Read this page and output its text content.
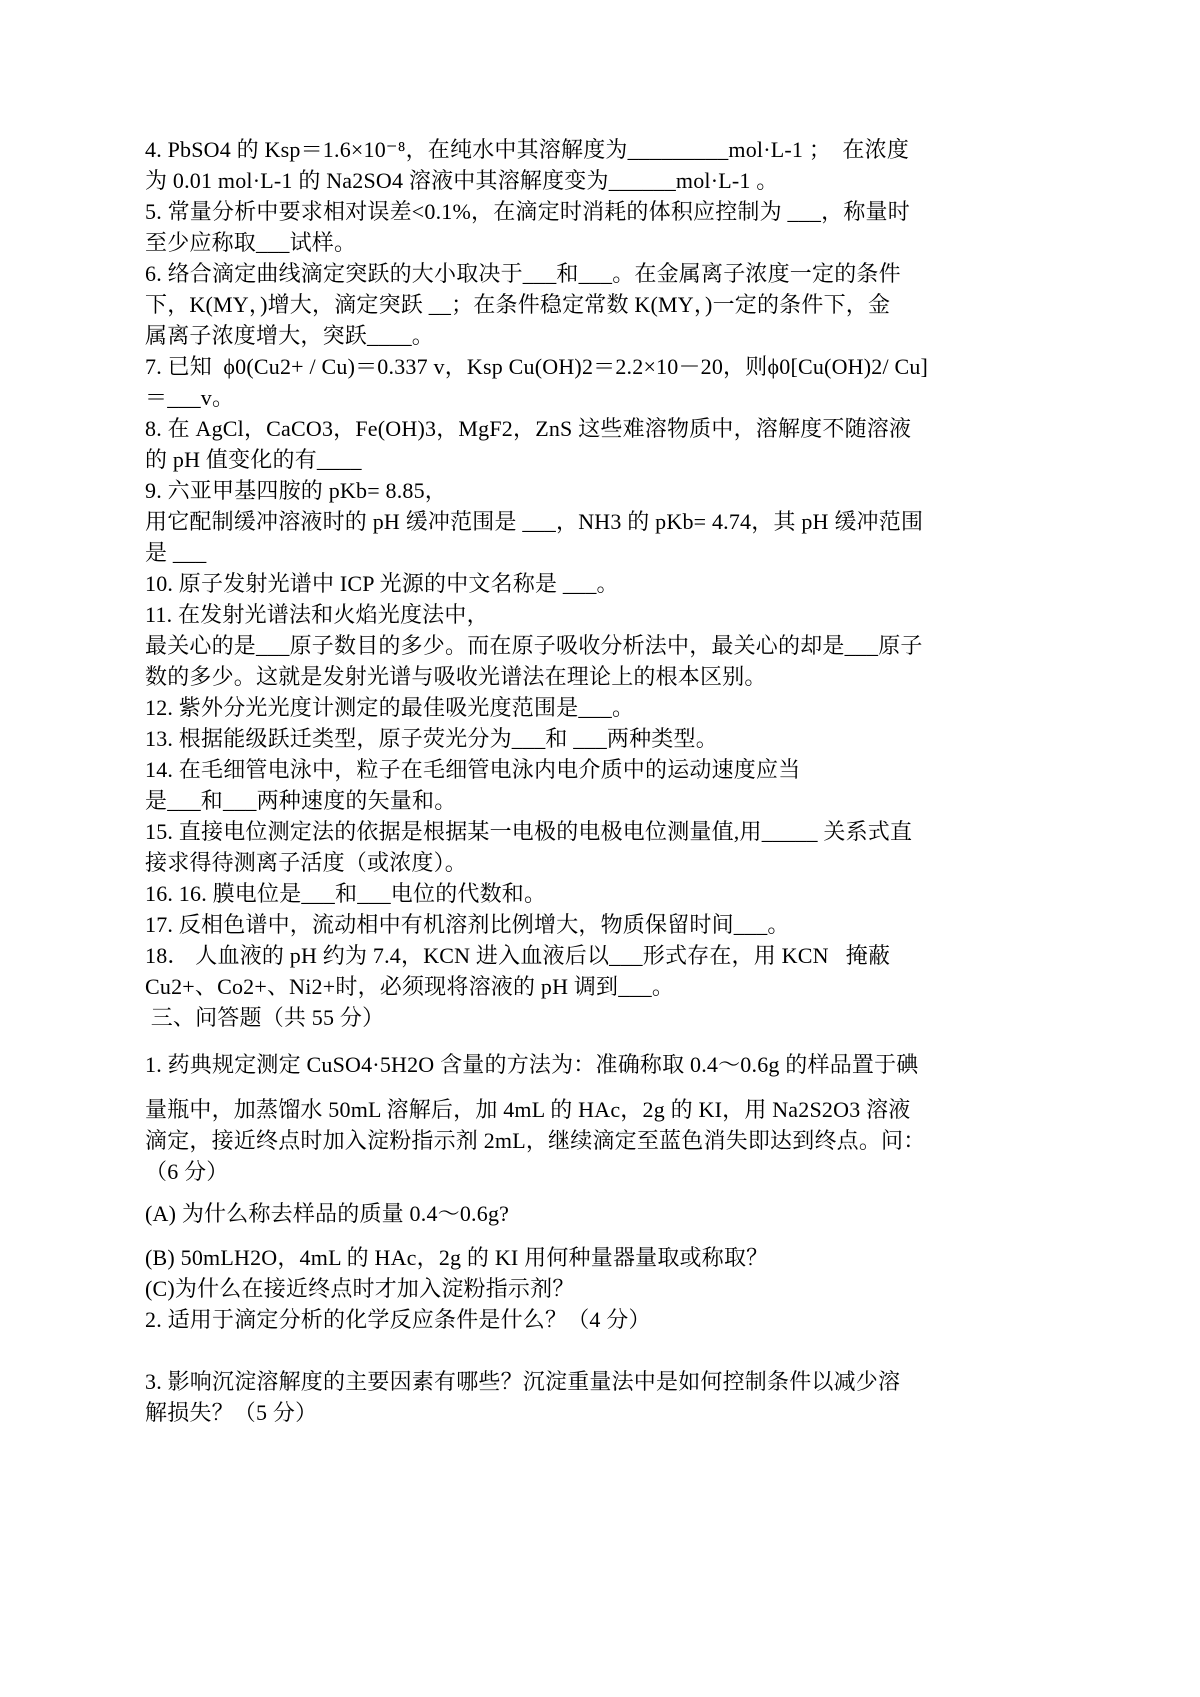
4. PbSO4 的 Ksp＝1.6×10⁻⁸，在纯水中其溶解度为_________mol·L-1 ；  在浓度
为 0.01 mol·L-1 的 Na2SO4 溶液中其溶解度变为______mol·L-1 。
5. 常量分析中要求相对误差<0.1%，在滴定时消耗的体积应控制为 ___，称量时
至少应称取___试样。
6. 络合滴定曲线滴定突跃的大小取决于___和___。在金属离子浓度一定的条件
下，K(MY，)增大，滴定突跃 __；在条件稳定常数 K(MY，)一定的条件下，金
属离子浓度增大，突跃____。
7. 已知  ϕ0(Cu2+ / Cu)＝0.337 v，Ksp Cu(OH)2＝2.2×10－20，则ϕ0[Cu(OH)2/ Cu]
＝___v。
8. 在 AgCl，CaCO3，Fe(OH)3，MgF2，ZnS 这些难溶物质中，溶解度不随溶液
的 pH 值变化的有____
9. 六亚甲基四胺的 pKb= 8.85，
用它配制缓冲溶液时的 pH 缓冲范围是 ___，NH3 的 pKb= 4.74，其 pH 缓冲范围
是 ___
10. 原子发射光谱中 ICP 光源的中文名称是 ___。
11. 在发射光谱法和火焰光度法中，
最关心的是___原子数目的多少。而在原子吸收分析法中，最关心的却是___原子
数的多少。这就是发射光谱与吸收光谱法在理论上的根本区别。
12. 紫外分光光度计测定的最佳吸光度范围是___。
13. 根据能级跃迁类型，原子荧光分为___和 ___两种类型。
14. 在毛细管电泳中，粒子在毛细管电泳内电介质中的运动速度应当
是___和___两种速度的矢量和。
15. 直接电位测定法的依据是根据某一电极的电极电位测量值,用_____ 关系式直
接求得待测离子活度（或浓度）。
16. 16. 膜电位是___和___电位的代数和。
17. 反相色谱中，流动相中有机溶剂比例增大，物质保留时间___。
18． 人血液的 pH 约为 7.4，KCN 进入血液后以___形式存在，用 KCN   掩蔽
Cu2+、Co2+、Ni2+时，必须现将溶液的 pH 调到___。
三、问答题（共 55 分）
1. 药典规定测定 CuSO4·5H2O 含量的方法为：准确称取 0.4～0.6g 的样品置于碘
量瓶中，加蒸馏水 50mL 溶解后，加 4mL 的 HAc，2g 的 KI，用 Na2S2O3 溶液
滴定，接近终点时加入淀粉指示剂 2mL，继续滴定至蓝色消失即达到终点。问：
（6 分）
(A) 为什么称去样品的质量 0.4～0.6g?
(B) 50mLH2O，4mL 的 HAc，2g 的 KI 用何种量器量取或称取？
(C)为什么在接近终点时才加入淀粉指示剂？
2. 适用于滴定分析的化学反应条件是什么？（4 分）
3. 影响沉淀溶解度的主要因素有哪些？沉淀重量法中是如何控制条件以减少溶
解损失？（5 分）
